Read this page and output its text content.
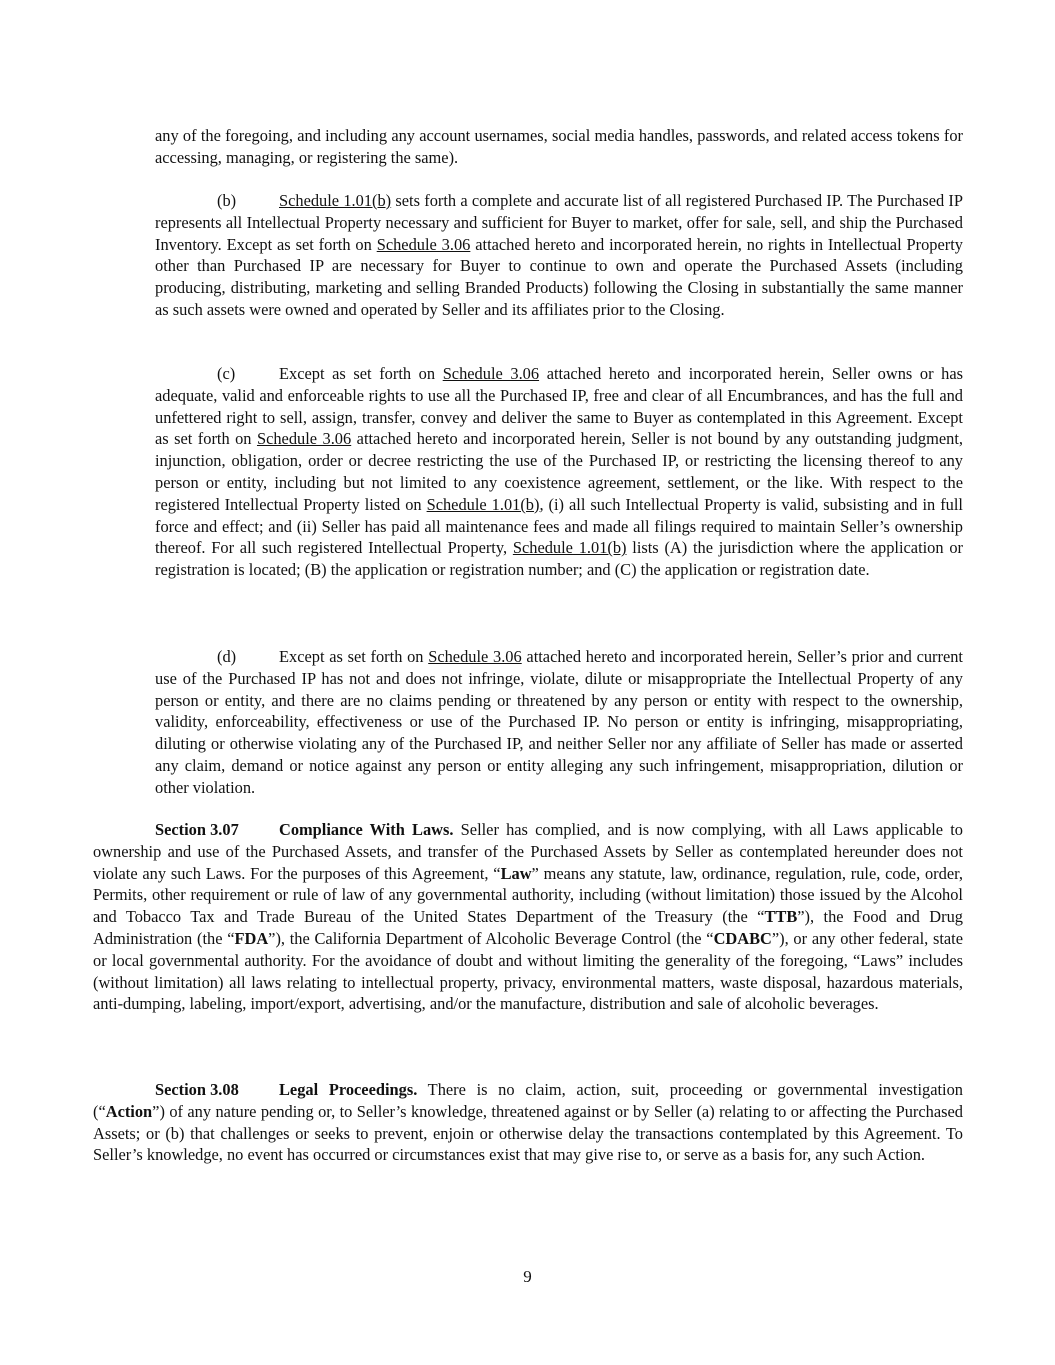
any of the foregoing, and including any account usernames, social media handles, passwords, and related access tokens for accessing, managing, or registering the same).

(b)	Schedule 1.01(b) sets forth a complete and accurate list of all registered Purchased IP. The Purchased IP represents all Intellectual Property necessary and sufficient for Buyer to market, offer for sale, sell, and ship the Purchased Inventory. Except as set forth on Schedule 3.06 attached hereto and incorporated herein, no rights in Intellectual Property other than Purchased IP are necessary for Buyer to continue to own and operate the Purchased Assets (including producing, distributing, marketing and selling Branded Products) following the Closing in substantially the same manner as such assets were owned and operated by Seller and its affiliates prior to the Closing.

(c)	Except as set forth on Schedule 3.06 attached hereto and incorporated herein, Seller owns or has adequate, valid and enforceable rights to use all the Purchased IP, free and clear of all Encumbrances, and has the full and unfettered right to sell, assign, transfer, convey and deliver the same to Buyer as contemplated in this Agreement. Except as set forth on Schedule 3.06 attached hereto and incorporated herein, Seller is not bound by any outstanding judgment, injunction, obligation, order or decree restricting the use of the Purchased IP, or restricting the licensing thereof to any person or entity, including but not limited to any coexistence agreement, settlement, or the like. With respect to the registered Intellectual Property listed on Schedule 1.01(b), (i) all such Intellectual Property is valid, subsisting and in full force and effect; and (ii) Seller has paid all maintenance fees and made all filings required to maintain Seller’s ownership thereof. For all such registered Intellectual Property, Schedule 1.01(b) lists (A) the jurisdiction where the application or registration is located; (B) the application or registration number; and (C) the application or registration date.

(d)	Except as set forth on Schedule 3.06 attached hereto and incorporated herein, Seller’s prior and current use of the Purchased IP has not and does not infringe, violate, dilute or misappropriate the Intellectual Property of any person or entity, and there are no claims pending or threatened by any person or entity with respect to the ownership, validity, enforceability, effectiveness or use of the Purchased IP. No person or entity is infringing, misappropriating, diluting or otherwise violating any of the Purchased IP, and neither Seller nor any affiliate of Seller has made or asserted any claim, demand or notice against any person or entity alleging any such infringement, misappropriation, dilution or other violation.

Section 3.07 Compliance With Laws. Seller has complied, and is now complying, with all Laws applicable to ownership and use of the Purchased Assets, and transfer of the Purchased Assets by Seller as contemplated hereunder does not violate any such Laws. For the purposes of this Agreement, “Law” means any statute, law, ordinance, regulation, rule, code, order, Permits, other requirement or rule of law of any governmental authority, including (without limitation) those issued by the Alcohol and Tobacco Tax and Trade Bureau of the United States Department of the Treasury (the “TTB”), the Food and Drug Administration (the “FDA”), the California Department of Alcoholic Beverage Control (the “CDABC”), or any other federal, state or local governmental authority. For the avoidance of doubt and without limiting the generality of the foregoing, “Laws” includes (without limitation) all laws relating to intellectual property, privacy, environmental matters, waste disposal, hazardous materials, anti-dumping, labeling, import/export, advertising, and/or the manufacture, distribution and sale of alcoholic beverages.

Section 3.08 Legal Proceedings. There is no claim, action, suit, proceeding or governmental investigation (“Action”) of any nature pending or, to Seller’s knowledge, threatened against or by Seller (a) relating to or affecting the Purchased Assets; or (b) that challenges or seeks to prevent, enjoin or otherwise delay the transactions contemplated by this Agreement. To Seller’s knowledge, no event has occurred or circumstances exist that may give rise to, or serve as a basis for, any such Action.

9
